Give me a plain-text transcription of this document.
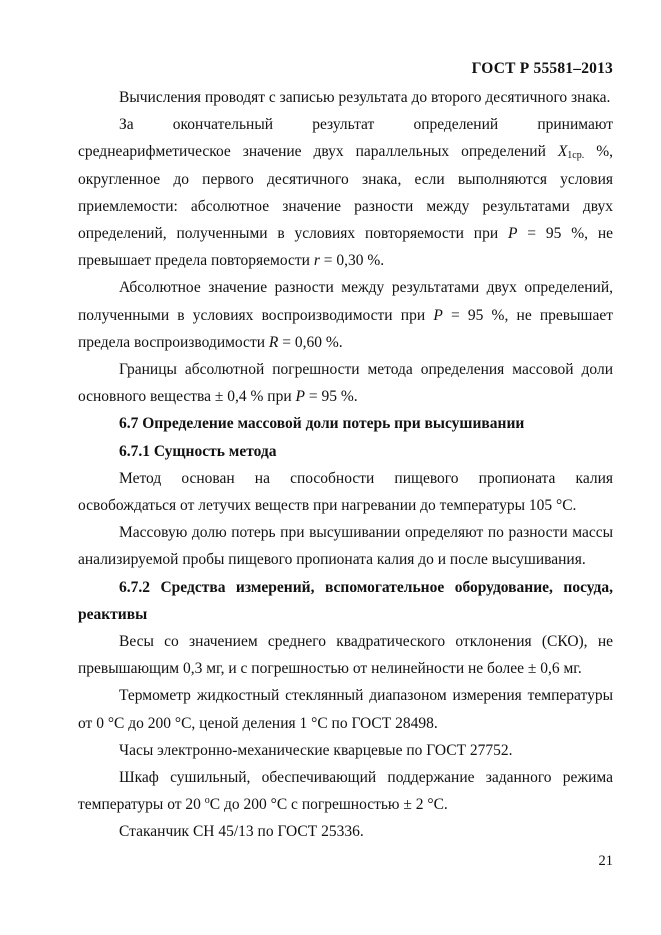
ГОСТ Р 55581–2013

Вычисления проводят с записью результата до второго десятичного знака.

За окончательный результат определений принимают среднеарифметическое значение двух параллельных определений $X_{1ср.}$ %, округленное до первого десятичного знака, если выполняются условия приемлемости: абсолютное значение разности между результатами двух определений, полученными в условиях повторяемости при P = 95 %, не превышает предела повторяемости r = 0,30 %.

Абсолютное значение разности между результатами двух определений, полученными в условиях воспроизводимости при P = 95 %, не превышает предела воспроизводимости R = 0,60 %.

Границы абсолютной погрешности метода определения массовой доли основного вещества ± 0,4 % при P = 95 %.

6.7 Определение массовой доли потерь при высушивании

6.7.1 Сущность метода

Метод основан на способности пищевого пропионата калия освобождаться от летучих веществ при нагревании до температуры 105 °С.

Массовую долю потерь при высушивании определяют по разности массы анализируемой пробы пищевого пропионата калия до и после высушивания.

6.7.2 Средства измерений, вспомогательное оборудование, посуда, реактивы

Весы со значением среднего квадратического отклонения (СКО), не превышающим 0,3 мг, и с погрешностью от нелинейности не более ± 0,6 мг.

Термометр жидкостный стеклянный диапазоном измерения температуры от 0 °С до 200 °С, ценой деления 1 °С по ГОСТ 28498.

Часы электронно-механические кварцевые по ГОСТ 27752.

Шкаф сушильный, обеспечивающий поддержание заданного режима температуры от 20 $^о$С до 200 °С с погрешностью ± 2 °С.

Стаканчик СН 45/13 по ГОСТ 25336.

21
